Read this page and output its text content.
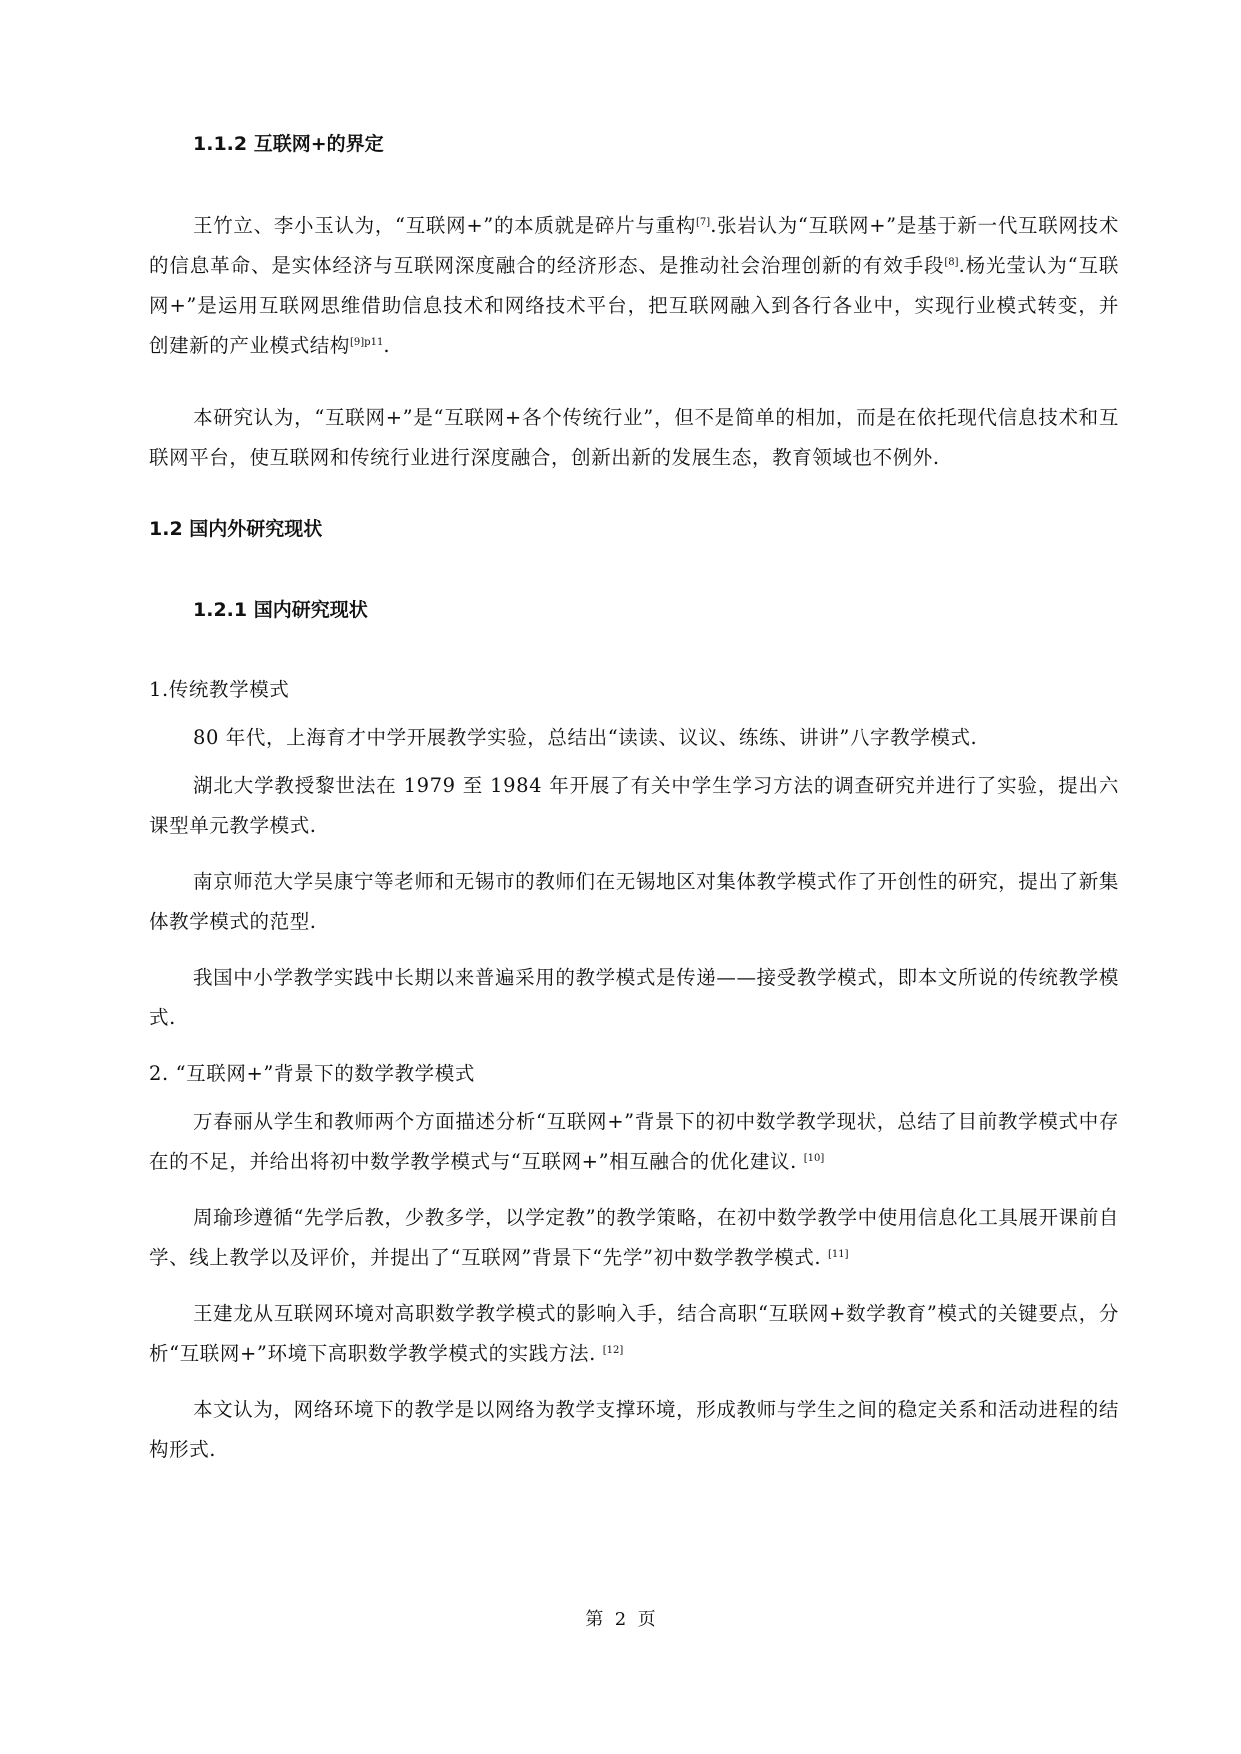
1.1.2 互联网+的界定

王竹立、李小玉认为，“互联网+”的本质就是碎片与重构[7].张岩认为“互联网+”是基于新一代互联网技术的信息革命、是实体经济与互联网深度融合的经济形态、是推动社会治理创新的有效手段[8].杨光莹认为“互联网+”是运用互联网思维借助信息技术和网络技术平台，把互联网融入到各行各业中，实现行业模式转变，并创建新的产业模式结构$^{[9]p11}$.

本研究认为，“互联网+”是“互联网+各个传统行业”，但不是简单的相加，而是在依托现代信息技术和互联网平台，使互联网和传统行业进行深度融合，创新出新的发展生态，教育领域也不例外.

1.2 国内外研究现状
1.2.1 国内研究现状
1.传统教学模式

80 年代，上海育才中学开展教学实验，总结出“读读、议议、练练、讲讲”八字教学模式.

湖北大学教授黎世法在 1979 至 1984 年开展了有关中学生学习方法的调查研究并进行了实验，提出六课型单元教学模式.

南京师范大学吴康宁等老师和无锡市的教师们在无锡地区对集体教学模式作了开创性的研究，提出了新集体教学模式的范型.

我国中小学教学实践中长期以来普遍采用的教学模式是传递——接受教学模式，即本文所说的传统教学模式.

2. “互联网+”背景下的数学教学模式

万春丽从学生和教师两个方面描述分析“互联网+”背景下的初中数学教学现状，总结了目前教学模式中存在的不足，并给出将初中数学教学模式与“互联网+”相互融合的优化建议. [10]

周瑜珍遵循“先学后教，少教多学，以学定教”的教学策略，在初中数学教学中使用信息化工具展开课前自学、线上教学以及评价，并提出了“互联网”背景下“先学”初中数学教学模式. [11]

王建龙从互联网环境对高职数学教学模式的影响入手，结合高职“互联网+数学教育”模式的关键要点，分析“互联网+”环境下高职数学教学模式的实践方法. [12]

本文认为，网络环境下的教学是以网络为教学支撑环境，形成教师与学生之间的稳定关系和活动进程的结构形式.

第  2  页
